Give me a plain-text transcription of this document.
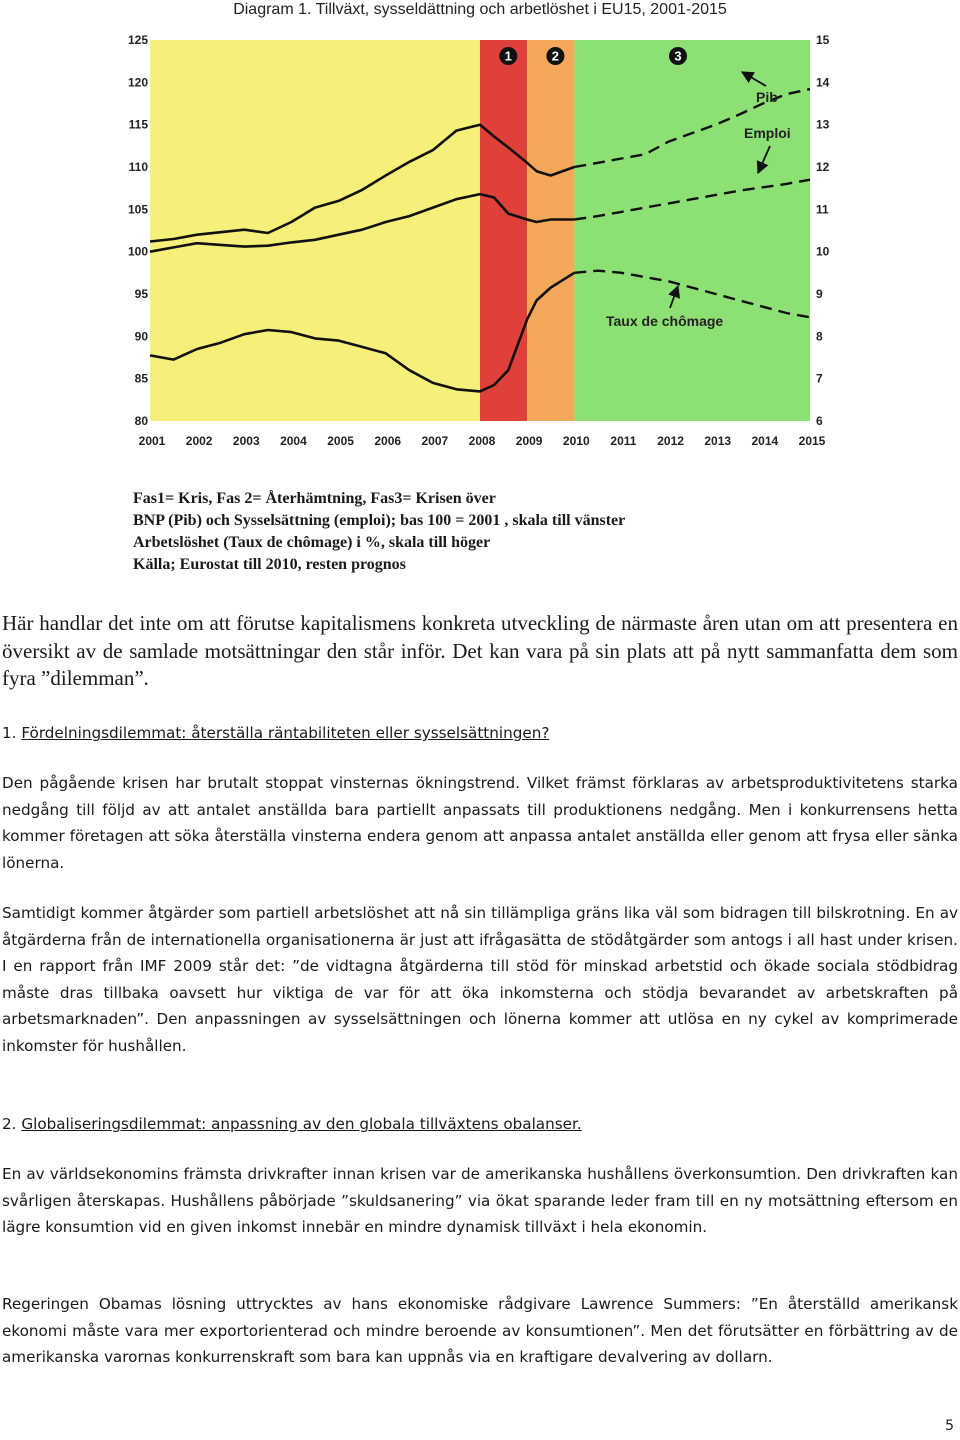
Diagram 1. Tillväxt, sysseldättning och arbetlöshet i EU15, 2001-2015
125
120
115
110
105
100
95
90
85
80
15
14
13
12
11
10
9
8
7
6
2001 2002 2003 2004 2005 2006 2007 2008 2009 2010 2011 2012 2013 2014 2015
1	2	3
Pib
Emploi
Taux de chômage
Fas1= Kris, Fas 2= Återhämtning, Fas3= Krisen över
BNP (Pib) och Sysselsättning (emploi); bas 100 = 2001 , skala till vänster
Arbetslöshet (Taux de chômage) i %, skala till höger
Källa; Eurostat till 2010, resten prognos

Här handlar det inte om att förutse kapitalismens konkreta utveckling de närmaste åren utan om att presentera en översikt av de samlade motsättningar den står inför. Det kan vara på sin plats att på nytt sammanfatta dem som fyra ”dilemman”.

1. Fördelningsdilemmat: återställa räntabiliteten eller sysselsättningen?

Den pågående krisen har brutalt stoppat vinsternas ökningstrend. Vilket främst förklaras av arbetsproduktivitetens starka nedgång till följd av att antalet anställda bara partiellt anpassats till produktionens nedgång. Men i konkurrensens hetta kommer företagen att söka återställa vinsterna endera genom att anpassa antalet anställda eller genom att frysa eller sänka lönerna.

Samtidigt kommer åtgärder som partiell arbetslöshet att nå sin tillämpliga gräns lika väl som bidragen till bilskrotning. En av åtgärderna från de internationella organisationerna är just att ifrågasätta de stödåtgärder som antogs i all hast under krisen. I en rapport från IMF 2009 står det: ”de vidtagna åtgärderna till stöd för minskad arbetstid och ökade sociala stödbidrag måste dras tillbaka oavsett hur viktiga de var för att öka inkomsterna och stödja bevarandet av arbetskraften på arbetsmarknaden”. Den anpassningen av sysselsättningen och lönerna kommer att utlösa en ny cykel av komprimerade inkomster för hushållen.

2. Globaliseringsdilemmat: anpassning av den globala tillväxtens obalanser.

En av världsekonomins främsta drivkrafter innan krisen var de amerikanska hushållens överkonsumtion. Den drivkraften kan svårligen återskapas. Hushållens påbörjade ”skuldsanering” via ökat sparande leder fram till en ny motsättning eftersom en lägre konsumtion vid en given inkomst innebär en mindre dynamisk tillväxt i hela ekonomin.

Regeringen Obamas lösning uttrycktes av hans ekonomiske rådgivare Lawrence Summers: ”En återställd amerikansk ekonomi måste vara mer exportorienterad och mindre beroende av konsumtionen”. Men det förutsätter en förbättring av de amerikanska varornas konkurrenskraft som bara kan uppnås via en kraftigare devalvering av dollarn.

5
